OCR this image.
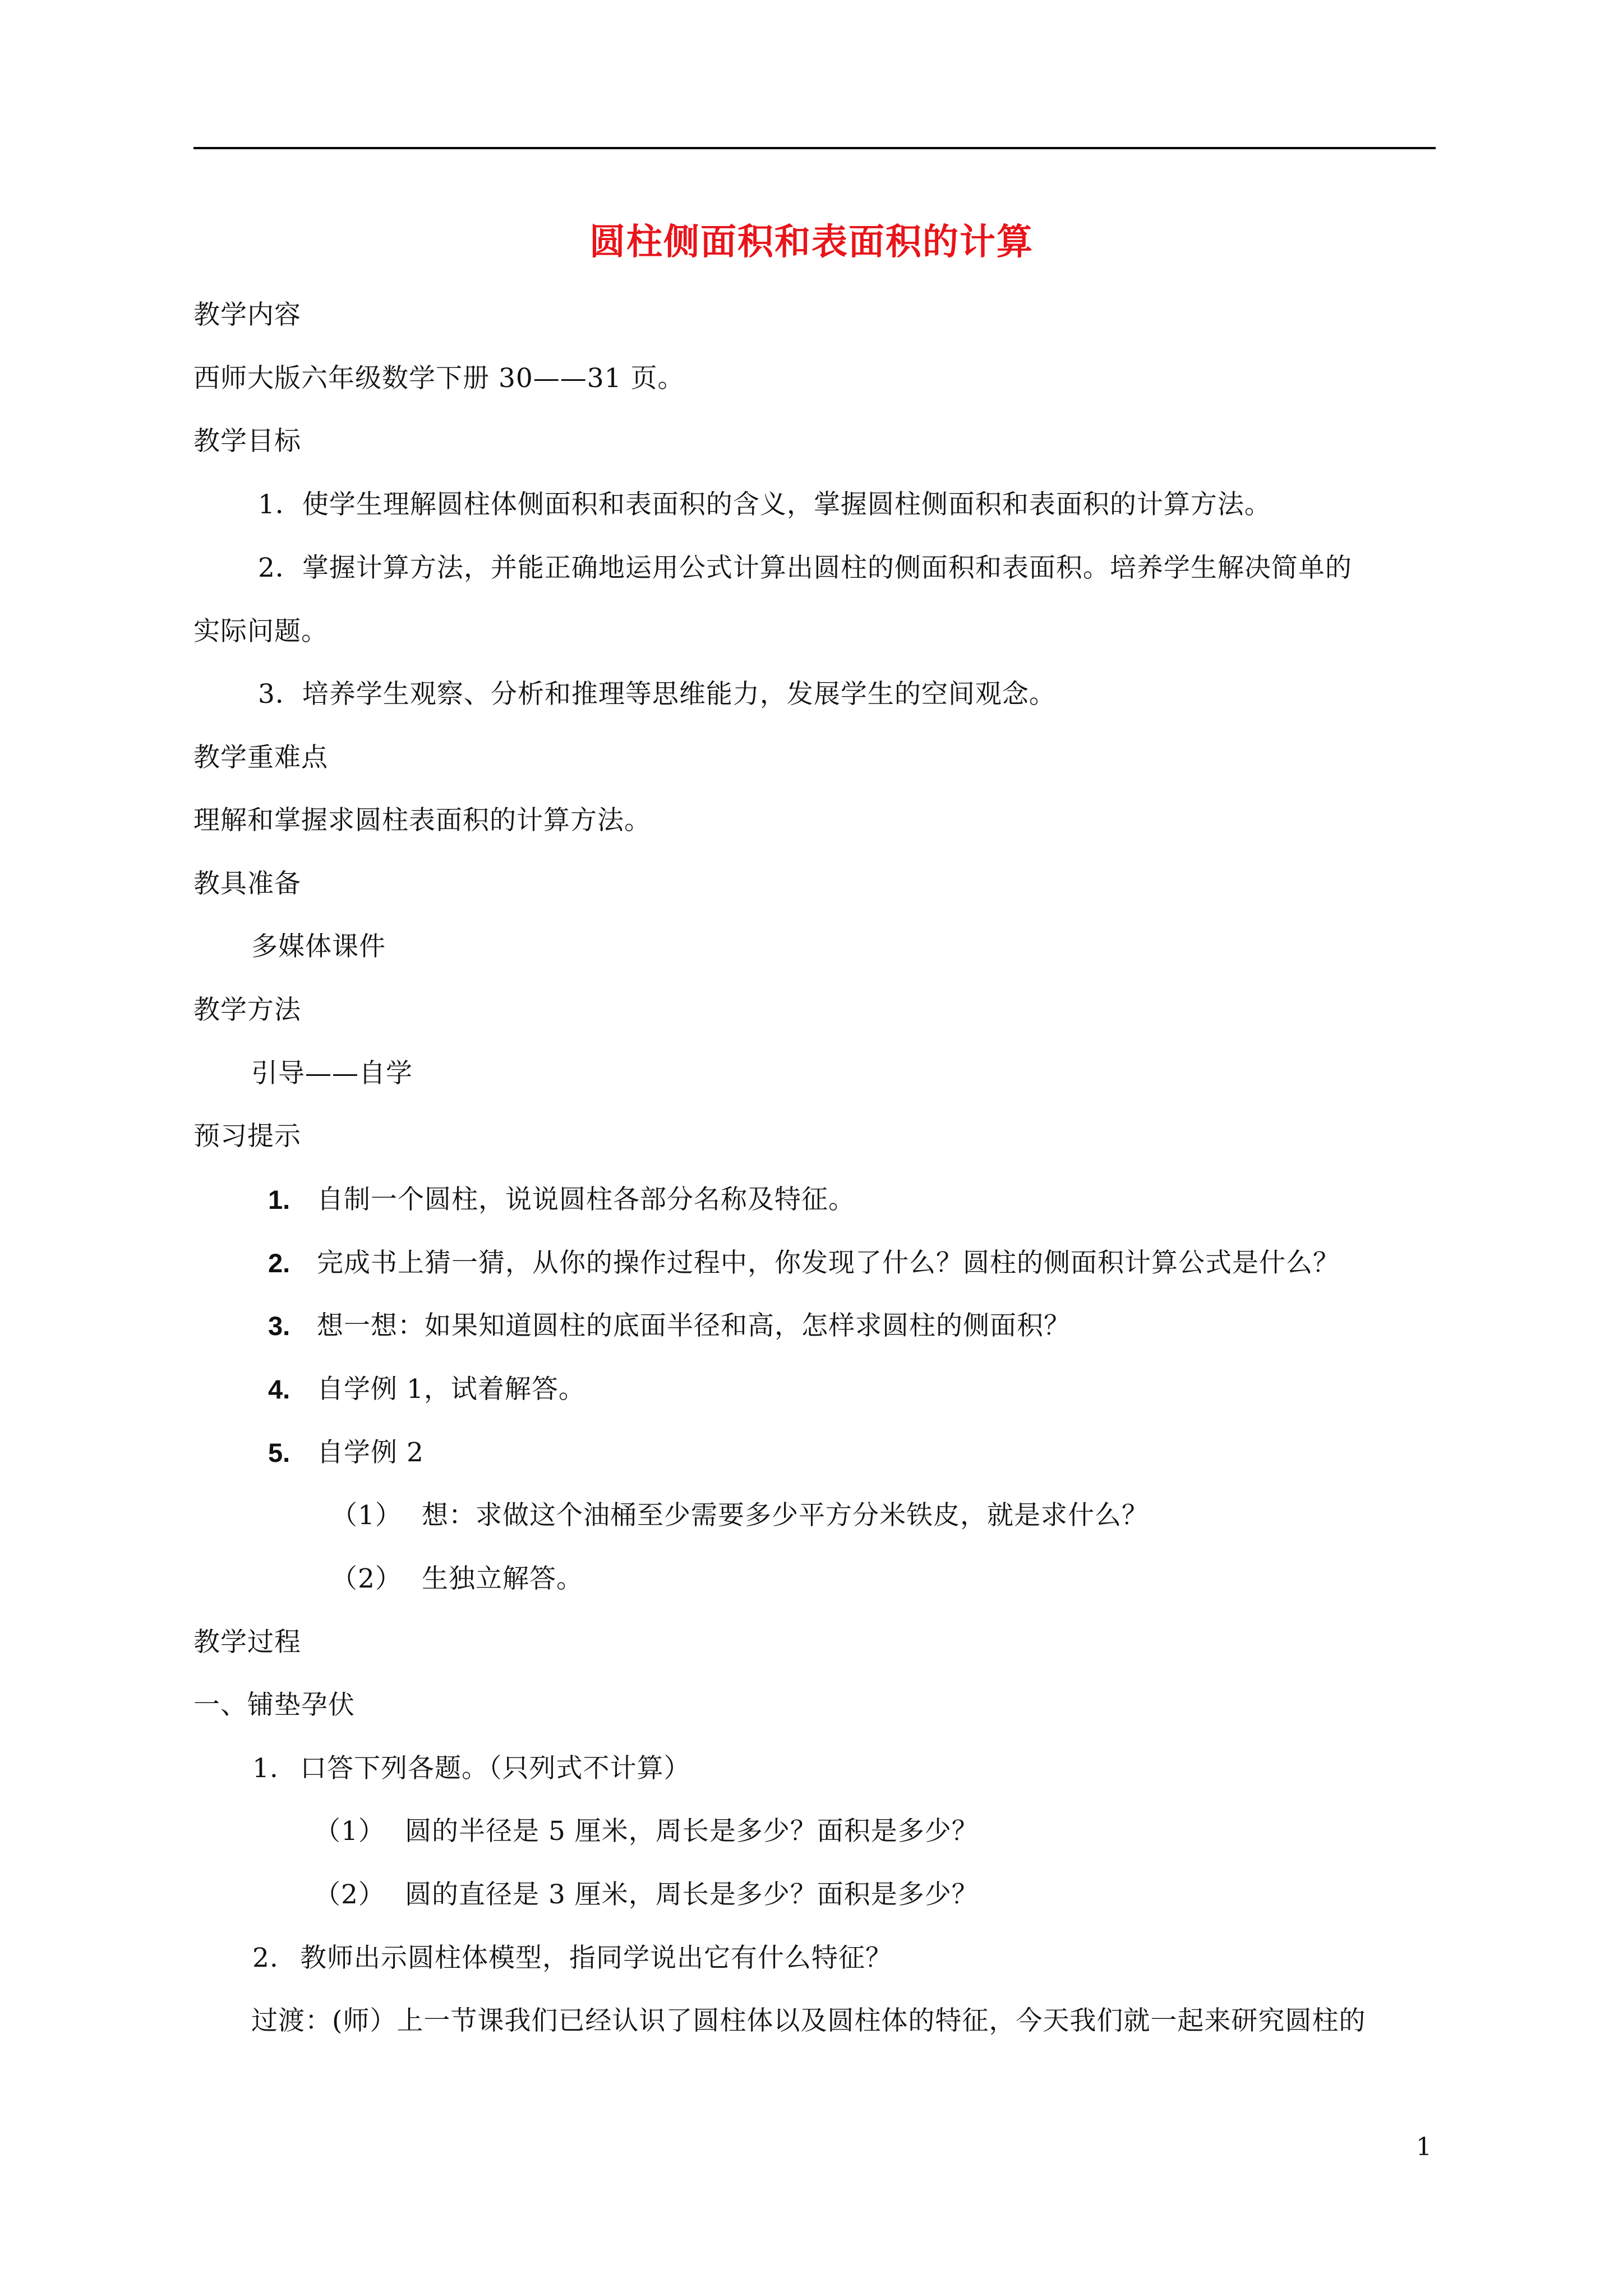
圆柱侧面积和表面积的计算
教学内容
西师大版六年级数学下册 30——31 页。
教学目标
1．使学生理解圆柱体侧面积和表面积的含义，掌握圆柱侧面积和表面积的计算方法。
2．掌握计算方法，并能正确地运用公式计算出圆柱的侧面积和表面积。培养学生解决简单的
实际问题。
3．培养学生观察、分析和推理等思维能力，发展学生的空间观念。
教学重难点
理解和掌握求圆柱表面积的计算方法。
教具准备
多媒体课件
教学方法
引导——自学
预习提示
1. 自制一个圆柱，说说圆柱各部分名称及特征。
2. 完成书上猜一猜，从你的操作过程中，你发现了什么？圆柱的侧面积计算公式是什么？
3. 想一想：如果知道圆柱的底面半径和高，怎样求圆柱的侧面积？
4. 自学例 1，试着解答。
5. 自学例 2
（1） 想：求做这个油桶至少需要多少平方分米铁皮，就是求什么？
（2） 生独立解答。
教学过程
一、铺垫孕伏
1. 口答下列各题。（只列式不计算）
（1） 圆的半径是 5 厘米，周长是多少？面积是多少？
（2） 圆的直径是 3 厘米，周长是多少？面积是多少？
2. 教师出示圆柱体模型，指同学说出它有什么特征？
过渡：(师）上一节课我们已经认识了圆柱体以及圆柱体的特征，今天我们就一起来研究圆柱的
1
